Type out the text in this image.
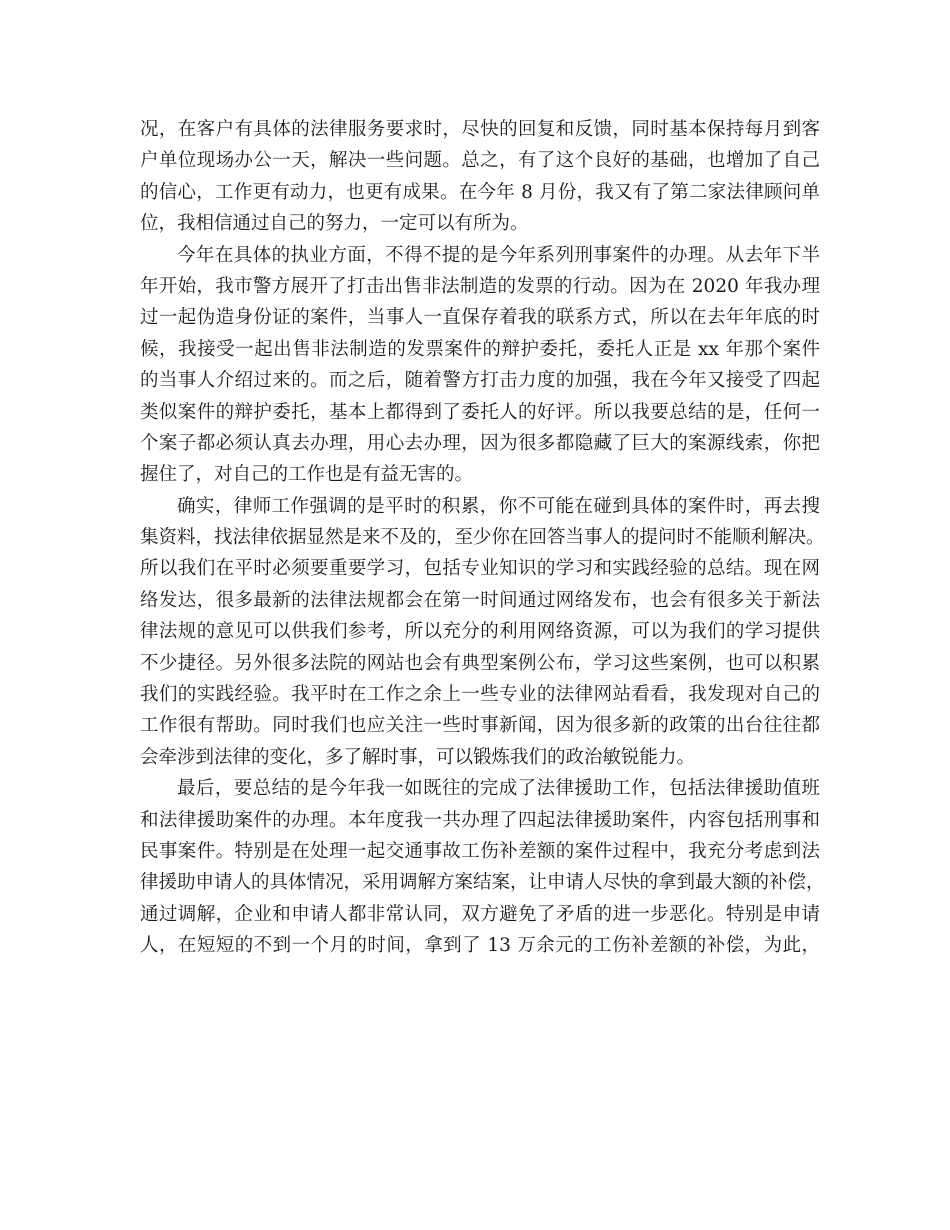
况，在客户有具体的法律服务要求时，尽快的回复和反馈，同时基本保持每月到客
户单位现场办公一天，解决一些问题。总之，有了这个良好的基础，也增加了自己
的信心，工作更有动力，也更有成果。在今年 8 月份，我又有了第二家法律顾问单
位，我相信通过自己的努力，一定可以有所为。
今年在具体的执业方面，不得不提的是今年系列刑事案件的办理。从去年下半
年开始，我市警方展开了打击出售非法制造的发票的行动。因为在 2020 年我办理
过一起伪造身份证的案件，当事人一直保存着我的联系方式，所以在去年年底的时
候，我接受一起出售非法制造的发票案件的辩护委托，委托人正是 xx 年那个案件
的当事人介绍过来的。而之后，随着警方打击力度的加强，我在今年又接受了四起
类似案件的辩护委托，基本上都得到了委托人的好评。所以我要总结的是，任何一
个案子都必须认真去办理，用心去办理，因为很多都隐藏了巨大的案源线索，你把
握住了，对自己的工作也是有益无害的。
确实，律师工作强调的是平时的积累，你不可能在碰到具体的案件时，再去搜
集资料，找法律依据显然是来不及的，至少你在回答当事人的提问时不能顺利解决。
所以我们在平时必须要重要学习，包括专业知识的学习和实践经验的总结。现在网
络发达，很多最新的法律法规都会在第一时间通过网络发布，也会有很多关于新法
律法规的意见可以供我们参考，所以充分的利用网络资源，可以为我们的学习提供
不少捷径。另外很多法院的网站也会有典型案例公布，学习这些案例，也可以积累
我们的实践经验。我平时在工作之余上一些专业的法律网站看看，我发现对自己的
工作很有帮助。同时我们也应关注一些时事新闻，因为很多新的政策的出台往往都
会牵涉到法律的变化，多了解时事，可以锻炼我们的政治敏锐能力。
最后，要总结的是今年我一如既往的完成了法律援助工作，包括法律援助值班
和法律援助案件的办理。本年度我一共办理了四起法律援助案件，内容包括刑事和
民事案件。特别是在处理一起交通事故工伤补差额的案件过程中，我充分考虑到法
律援助申请人的具体情况，采用调解方案结案，让申请人尽快的拿到最大额的补偿，
通过调解，企业和申请人都非常认同，双方避免了矛盾的进一步恶化。特别是申请
人，在短短的不到一个月的时间，拿到了 13 万余元的工伤补差额的补偿，为此，
